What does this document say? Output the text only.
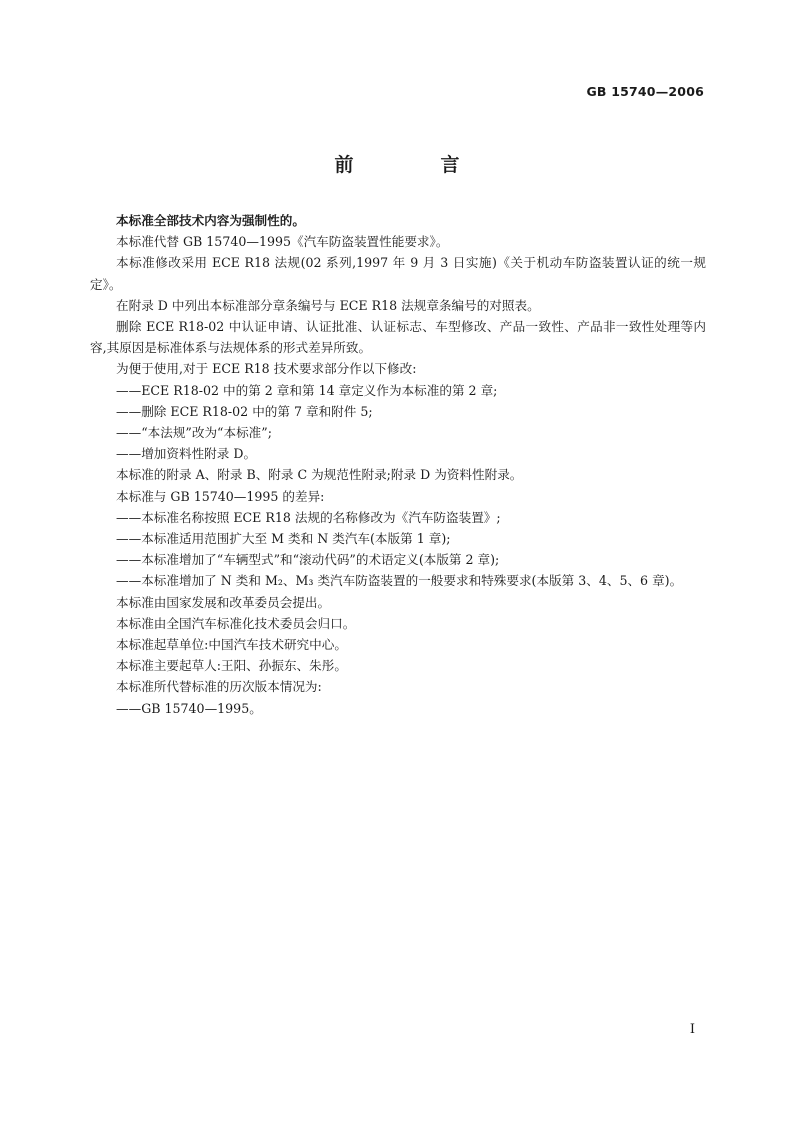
GB 15740—2006
前　言

本标准全部技术内容为强制性的。

本标准代替 GB 15740—1995《汽车防盗装置性能要求》。

本标准修改采用 ECE R18 法规(02 系列,1997 年 9 月 3 日实施)《关于机动车防盗装置认证的统一规定》。

在附录 D 中列出本标准部分章条编号与 ECE R18 法规章条编号的对照表。

删除 ECE R18-02 中认证申请、认证批准、认证标志、车型修改、产品一致性、产品非一致性处理等内容,其原因是标准体系与法规体系的形式差异所致。

为便于使用,对于 ECE R18 技术要求部分作以下修改:

——ECE R18-02 中的第 2 章和第 14 章定义作为本标准的第 2 章;

——删除 ECE R18-02 中的第 7 章和附件 5;

——“本法规”改为“本标准”;

——增加资料性附录 D。

本标准的附录 A、附录 B、附录 C 为规范性附录;附录 D 为资料性附录。

本标准与 GB 15740—1995 的差异:

——本标准名称按照 ECE R18 法规的名称修改为《汽车防盗装置》;

——本标准适用范围扩大至 M 类和 N 类汽车(本版第 1 章);

——本标准增加了“车辆型式”和“滚动代码”的术语定义(本版第 2 章);

——本标准增加了 N 类和 M₂、M₃ 类汽车防盗装置的一般要求和特殊要求(本版第 3、4、5、6 章)。

本标准由国家发展和改革委员会提出。

本标准由全国汽车标准化技术委员会归口。

本标准起草单位:中国汽车技术研究中心。

本标准主要起草人:王阳、孙振东、朱彤。

本标准所代替标准的历次版本情况为:

——GB 15740—1995。

I
